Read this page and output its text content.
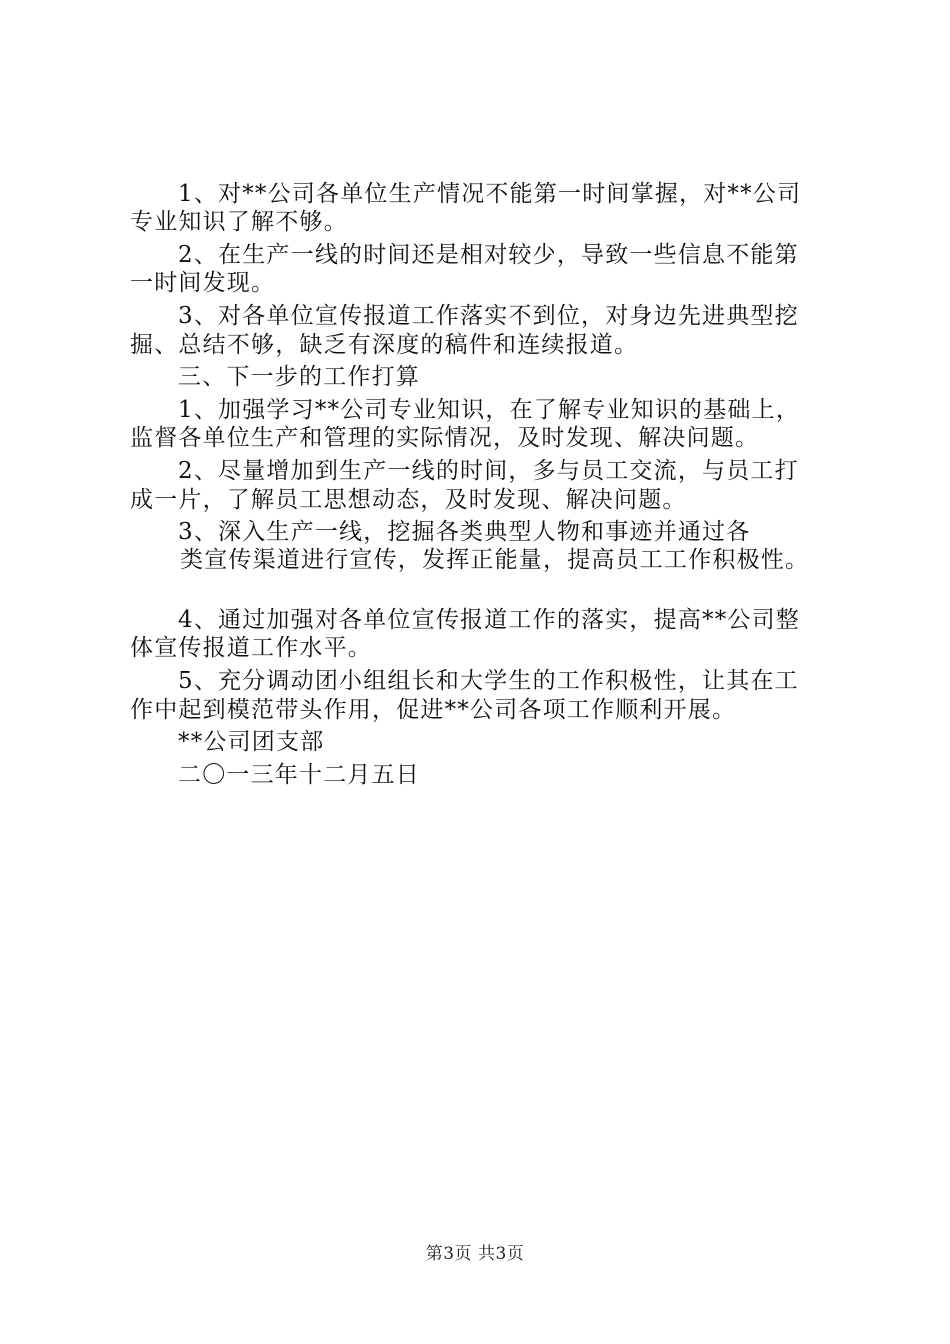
1、对**公司各单位生产情况不能第一时间掌握，对**公司
专业知识了解不够。
2、在生产一线的时间还是相对较少，导致一些信息不能第
一时间发现。
3、对各单位宣传报道工作落实不到位，对身边先进典型挖
掘、总结不够，缺乏有深度的稿件和连续报道。
三、下一步的工作打算
1、加强学习**公司专业知识，在了解专业知识的基础上，
监督各单位生产和管理的实际情况，及时发现、解决问题。
2、尽量增加到生产一线的时间，多与员工交流，与员工打
成一片，了解员工思想动态，及时发现、解决问题。
3、深入生产一线，挖掘各类典型人物和事迹并通过各
类宣传渠道进行宣传，发挥正能量，提高员工工作积极性。
4、通过加强对各单位宣传报道工作的落实，提高**公司整
体宣传报道工作水平。
5、充分调动团小组组长和大学生的工作积极性，让其在工
作中起到模范带头作用，促进**公司各项工作顺利开展。
**公司团支部
二〇一三年十二月五日
第3页 共3页
